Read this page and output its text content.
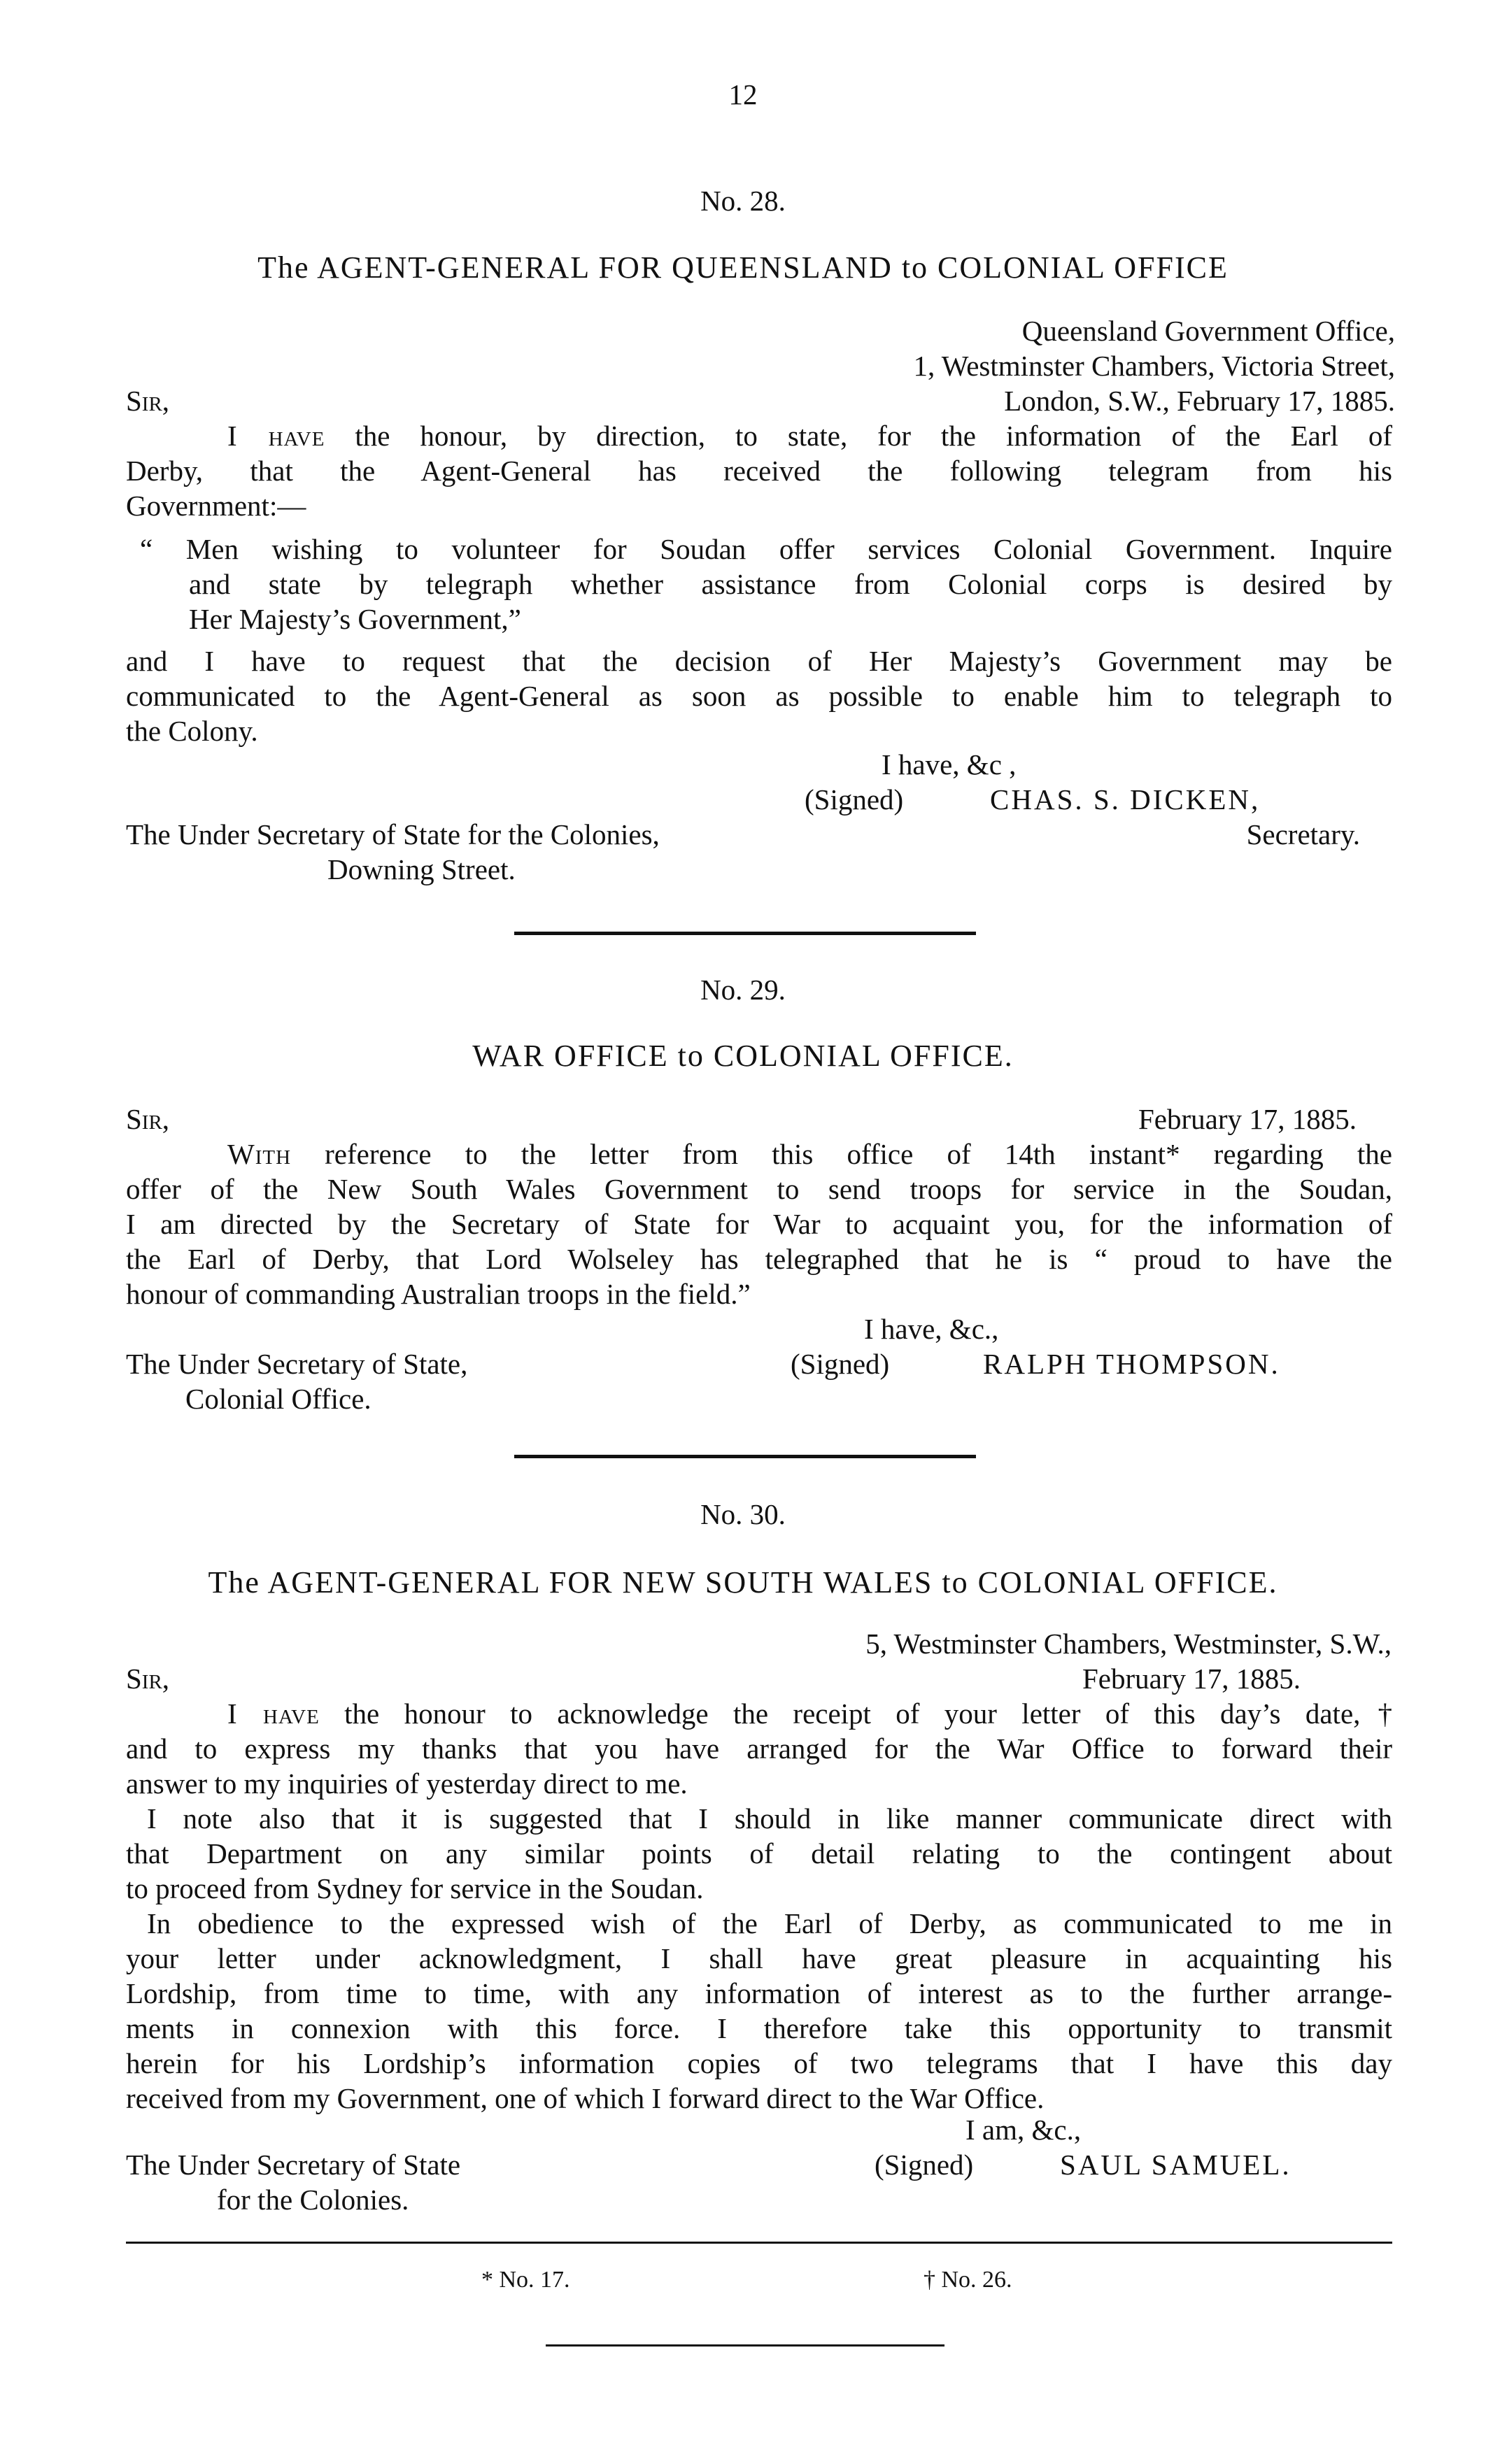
12
No. 28.
The AGENT-GENERAL FOR QUEENSLAND to COLONIAL OFFICE
Queensland Government Office,
1, Westminster Chambers, Victoria Street,
Sir,	London, S.W., February 17, 1885.
I have the honour, by direction, to state, for the information of the Earl of
Derby, that the Agent-General has received the following telegram from his
Government:—
“ Men wishing to volunteer for Soudan offer services Colonial Government. Inquire
and state by telegraph whether assistance from Colonial corps is desired by
Her Majesty’s Government,”
and I have to request that the decision of Her Majesty’s Government may be
communicated to the Agent-General as soon as possible to enable him to telegraph to
the Colony.
I have, &c ,
(Signed)	CHAS. S. DICKEN,
The Under Secretary of State for the Colonies,	Secretary.
Downing Street.
No. 29.
WAR OFFICE to COLONIAL OFFICE.
Sir,	February 17, 1885.
With reference to the letter from this office of 14th instant* regarding the
offer of the New South Wales Government to send troops for service in the Soudan,
I am directed by the Secretary of State for War to acquaint you, for the information of
the Earl of Derby, that Lord Wolseley has telegraphed that he is “ proud to have the
honour of commanding Australian troops in the field.”
I have, &c.,
The Under Secretary of State,	(Signed)	RALPH THOMPSON.
Colonial Office.
No. 30.
The AGENT-GENERAL FOR NEW SOUTH WALES to COLONIAL OFFICE.
5, Westminster Chambers, Westminster, S.W.,
Sir,	February 17, 1885.
I have the honour to acknowledge the receipt of your letter of this day’s date,†
and to express my thanks that you have arranged for the War Office to forward their
answer to my inquiries of yesterday direct to me.
I note also that it is suggested that I should in like manner communicate direct with
that Department on any similar points of detail relating to the contingent about
to proceed from Sydney for service in the Soudan.
In obedience to the expressed wish of the Earl of Derby, as communicated to me in
your letter under acknowledgment, I shall have great pleasure in acquainting his
Lordship, from time to time, with any information of interest as to the further arrange-
ments in connexion with this force. I therefore take this opportunity to transmit
herein for his Lordship’s information copies of two telegrams that I have this day
received from my Government, one of which I forward direct to the War Office.
I am, &c.,
The Under Secretary of State	(Signed)	SAUL SAMUEL.
for the Colonies.
* No. 17.	† No. 26.
